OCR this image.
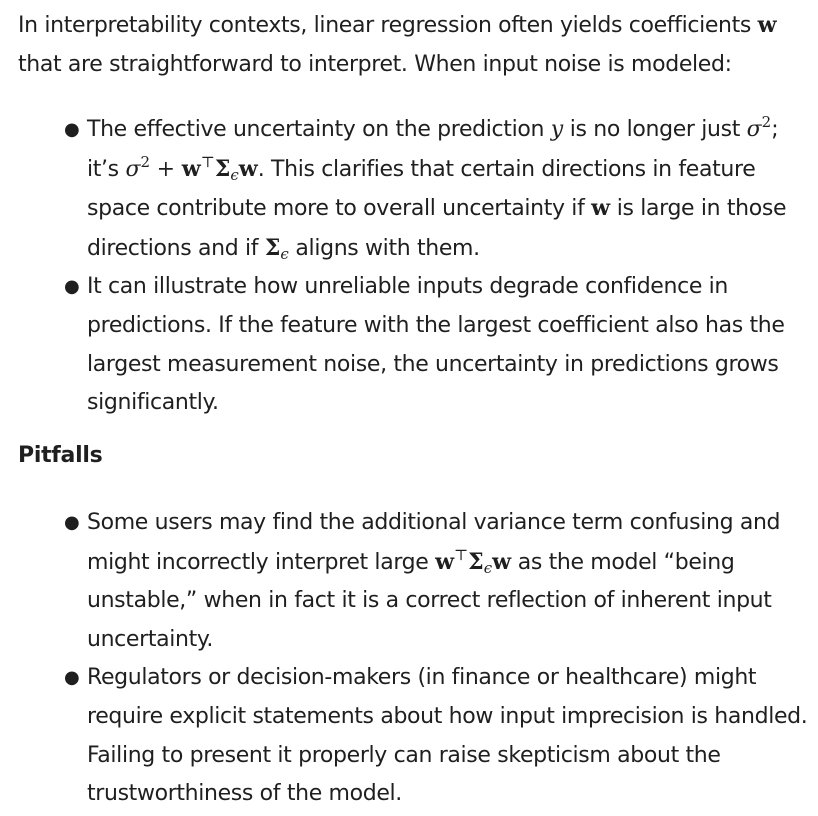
In interpretability contexts, linear regression often yields coefficients w
that are straightforward to interpret. When input noise is modeled:

● The effective uncertainty on the prediction y is no longer just $\sigma^2$;
it’s $\sigma^2 + w^⊤\Sigma_\epsilon w$. This clarifies that certain directions in feature space contribute more to overall uncertainty if w is large in those directions and if $\Sigma_\epsilon$ aligns with them.
● It can illustrate how unreliable inputs degrade confidence in predictions. If the feature with the largest coefficient also has the largest measurement noise, the uncertainty in predictions grows significantly.

Pitfalls

● Some users may find the additional variance term confusing and might incorrectly interpret large $w^⊤\Sigma_\epsilon w$ as the model “being unstable,” when in fact it is a correct reflection of inherent input uncertainty.
● Regulators or decision-makers (in finance or healthcare) might require explicit statements about how input imprecision is handled. Failing to present it properly can raise skepticism about the trustworthiness of the model.
